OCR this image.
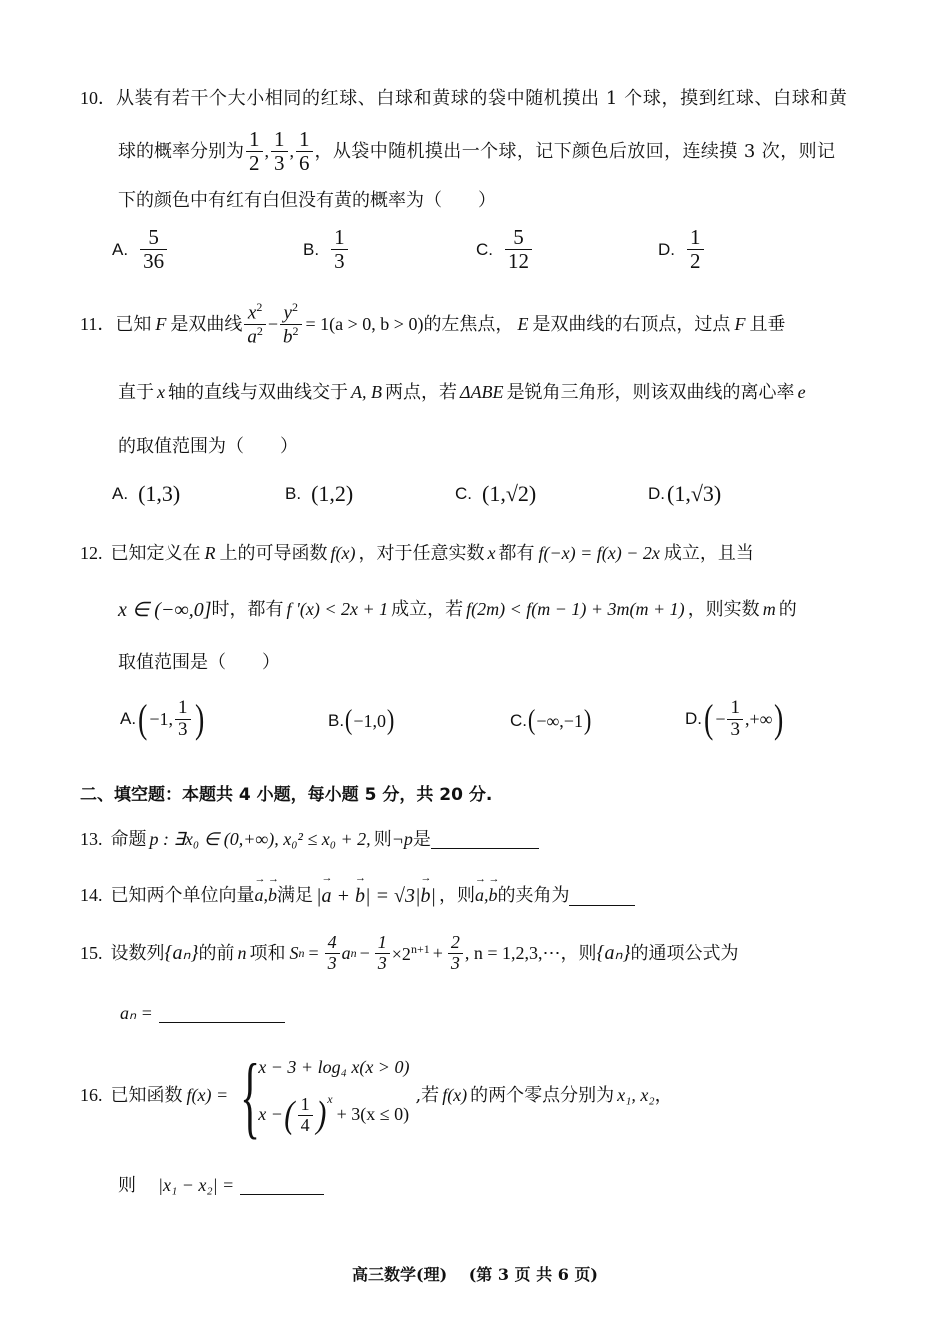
10． 从装有若干个大小相同的红球、白球和黄球的袋中随机摸出 1 个球，摸到红球、白球和黄
球的概率分别为 $\frac{1}{2}$ , $\frac{1}{3}$ , $\frac{1}{6}$ ，从袋中随机摸出一个球，记下颜色后放回，连续摸 3 次，则记
下的颜色中有红有白但没有黄的概率为（　　）
A. $\frac{5}{36}$	B. $\frac{1}{3}$	C. $\frac{5}{12}$	D. $\frac{1}{2}$
11． 已知 F 是双曲线 $\frac{x^2}{a^2} - \frac{y^2}{b^2} = 1(a > 0$, b > 0) 的左焦点， E 是双曲线的右顶点，过点 F 且垂
直于 x 轴的直线与双曲线交于 A, B 两点，若 ΔABE 是锐角三角形，则该双曲线的离心率 e
的取值范围为（　　）
A. (1,3)	B. (1,2)	C. (1,√2)	D. (1,√3)
12. 已知定义在 R 上的可导函数 f(x) ，对于任意实数 x 都有 f(−x) = f(x) − 2x 成立，且当
x ∈ (−∞,0] 时，都有 f '(x) < 2x + 1 成立，若 f(2m) < f(m − 1) + 3m(m + 1) ，则实数 m 的
取值范围是（　　）
A. ( −1, $\frac{1}{3}$ )	B. ( −1,0 )	C. ( −∞,−1 )	D. ( − $\frac{1}{3}$ ,+∞ )
二、填空题：本题共 4 小题，每小题 5 分，共 20 分.
13. 命题 p : ∃x₀ ∈ (0,+∞), x₀² ≤ x₀ + 2, 则 ¬p 是
14. 已知两个单位向量 → a,→ b 满足 |→ a + → b| = √3|→ b| ，则 → a,→ b 的夹角为
15. 设数列 {aₙ} 的前 n 项和 S $n = \frac{4}{3}$ a $n - \frac{1}{3} \times 2^{n+1} + \frac{2}{3}$ , n = 1,2,3,⋯ ，则 {aₙ} 的通项公式为
aₙ =
16. 已知函数 f(x) = {
x − 3 + log₄ x(x > 0)
x − ( $\frac{1}{4} )^x$
+ 3(x ≤ 0)
,若 f(x) 的两个零点分别为 x₁, x₂ ，
则 |x₁ − x₂| =
高三数学(理)　 (第 3 页 共 6 页)
